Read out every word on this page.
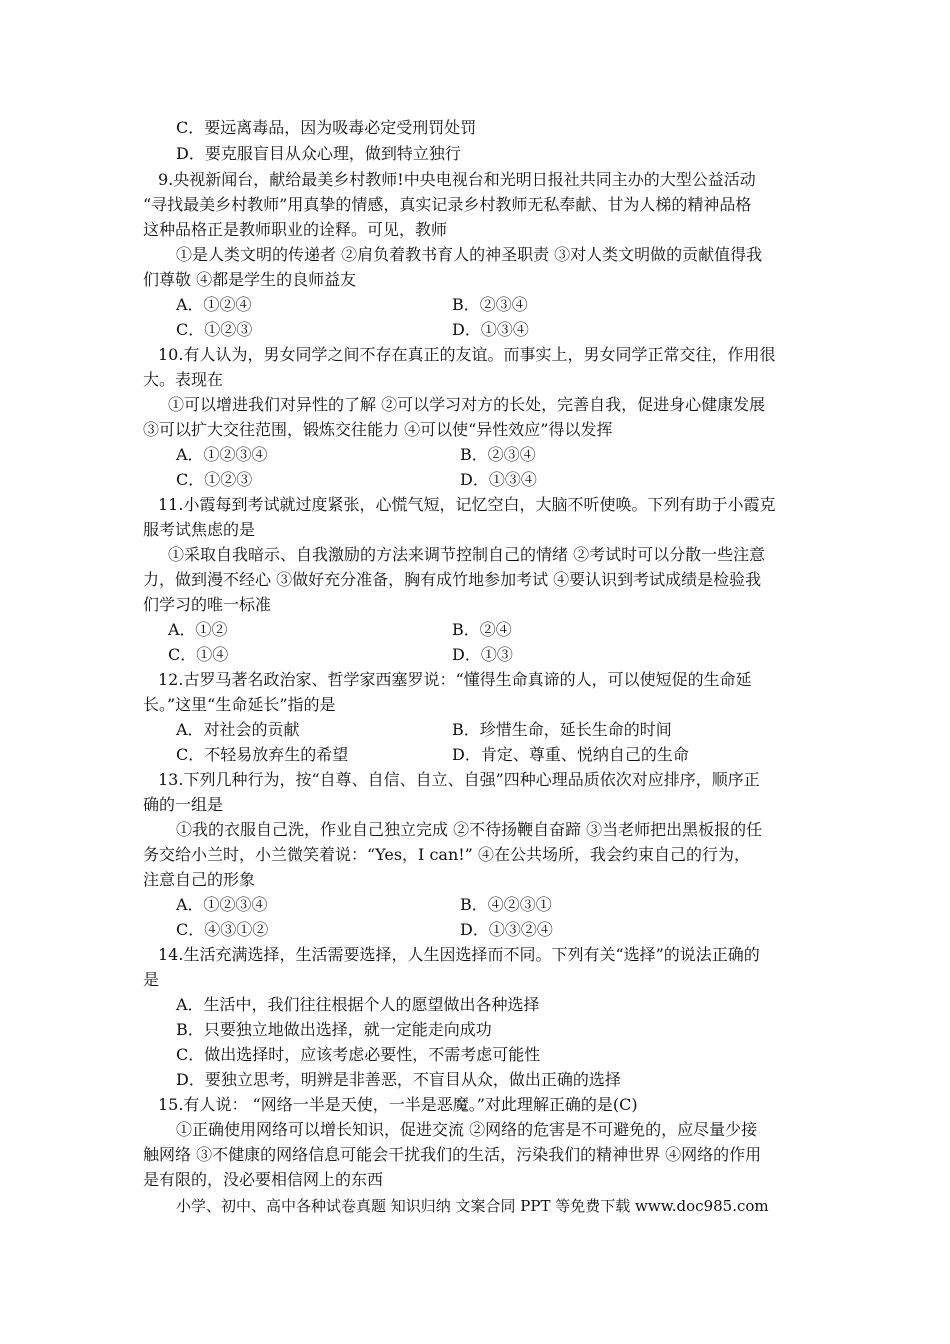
C．要远离毒品，因为吸毒必定受刑罚处罚
D．要克服盲目从众心理，做到特立独行
9.央视新闻台，献给最美乡村教师!中央电视台和光明日报社共同主办的大型公益活动
“寻找最美乡村教师”用真挚的情感，真实记录乡村教师无私奉献、甘为人梯的精神品格
这种品格正是教师职业的诠释。可见，教师
①是人类文明的传递者 ②肩负着教书育人的神圣职责 ③对人类文明做的贡献值得我
们尊敬 ④都是学生的良师益友
A．①②④	B．②③④
C．①②③	D．①③④
10.有人认为，男女同学之间不存在真正的友谊。而事实上，男女同学正常交往，作用很
大。表现在
①可以增进我们对异性的了解 ②可以学习对方的长处，完善自我，促进身心健康发展
③可以扩大交往范围，锻炼交往能力 ④可以使“异性效应”得以发挥
A．①②③④	B．②③④
C．①②③	D．①③④
11.小霞每到考试就过度紧张，心慌气短，记忆空白，大脑不听使唤。下列有助于小霞克
服考试焦虑的是
①采取自我暗示、自我激励的方法来调节控制自己的情绪 ②考试时可以分散一些注意
力，做到漫不经心 ③做好充分准备，胸有成竹地参加考试 ④要认识到考试成绩是检验我
们学习的唯一标准
A．①②	B．②④
C．①④	D．①③
12.古罗马著名政治家、哲学家西塞罗说：“懂得生命真谛的人，可以使短促的生命延
长。”这里“生命延长”指的是
A．对社会的贡献	B．珍惜生命，延长生命的时间
C．不轻易放弃生的希望	D．肯定、尊重、悦纳自己的生命
13.下列几种行为，按“自尊、自信、自立、自强”四种心理品质依次对应排序，顺序正
确的一组是
①我的衣服自己洗，作业自己独立完成 ②不待扬鞭自奋蹄 ③当老师把出黑板报的任
务交给小兰时，小兰微笑着说：“Yes，I can!” ④在公共场所，我会约束自己的行为，
注意自己的形象
A．①②③④	B．④②③①
C．④③①②	D．①③②④
14.生活充满选择，生活需要选择，人生因选择而不同。下列有关“选择”的说法正确的
是
A．生活中，我们往往根据个人的愿望做出各种选择
B．只要独立地做出选择，就一定能走向成功
C．做出选择时，应该考虑必要性，不需考虑可能性
D．要独立思考，明辨是非善恶，不盲目从众，做出正确的选择
15.有人说： “网络一半是天使，一半是恶魔。”对此理解正确的是(C)
①正确使用网络可以增长知识，促进交流 ②网络的危害是不可避免的，应尽量少接
触网络 ③不健康的网络信息可能会干扰我们的生活，污染我们的精神世界 ④网络的作用
是有限的，没必要相信网上的东西
小学、初中、高中各种试卷真题 知识归纳 文案合同 PPT 等免费下载 www.doc985.com
